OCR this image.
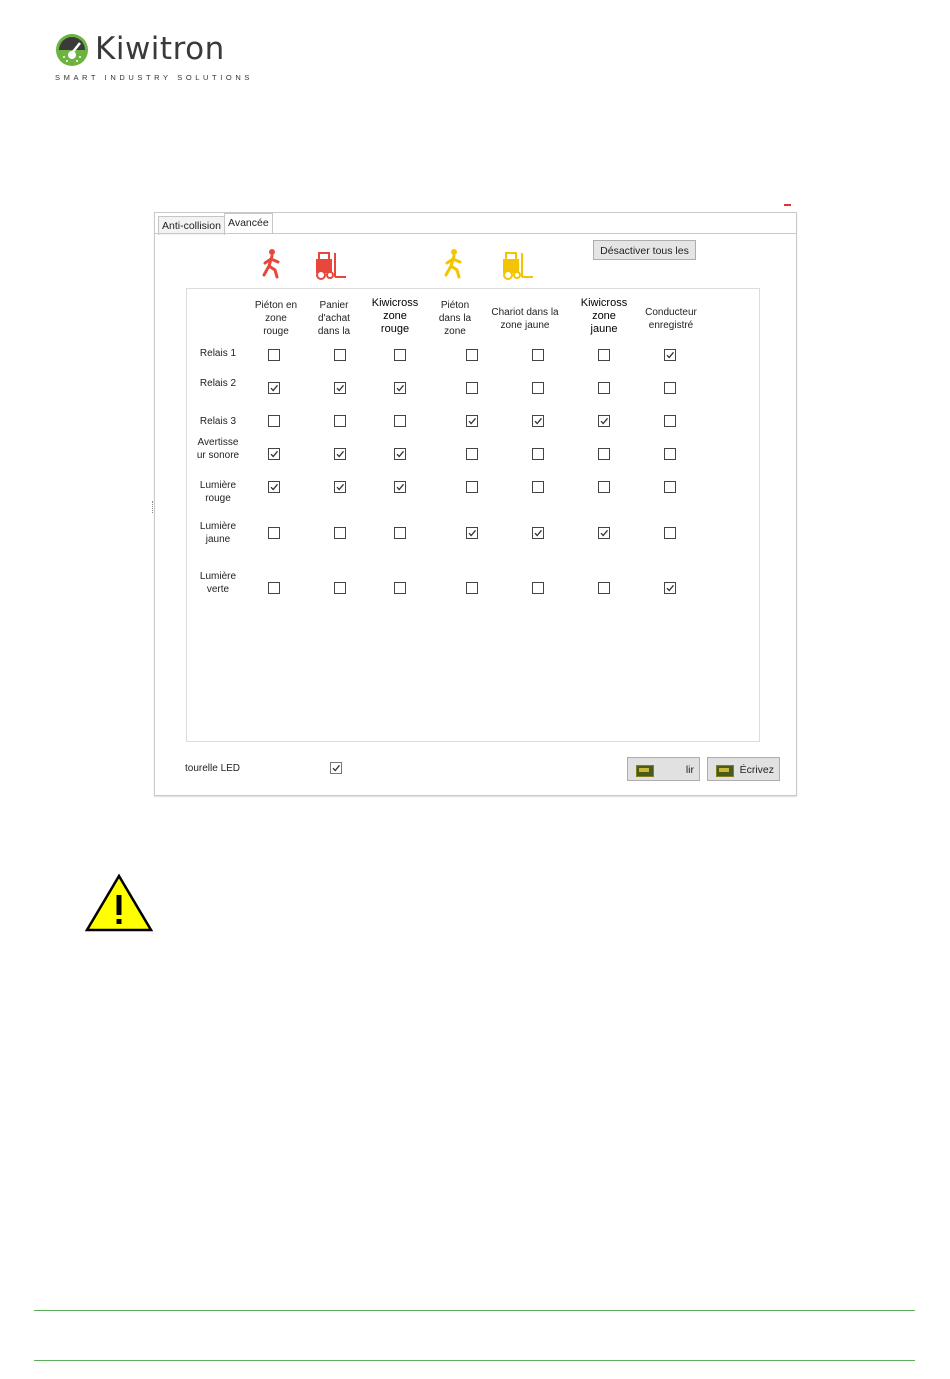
Kiwitron
SMART INDUSTRY SOLUTIONS
Anti-collision Avancée
Désactiver tous les
Piéton en
zone
rouge
Panier
d'achat
dans la
Kiwicross
zone
rouge
Piéton
dans la
zone
Chariot dans la
zone jaune
Kiwicross
zone
jaune
Conducteur
enregistré
Relais 1
Relais 2
Relais 3
Avertisse
ur sonore
Lumière
rouge
Lumière
jaune
Lumière
verte
tourelle LED	lir	Écrivez
